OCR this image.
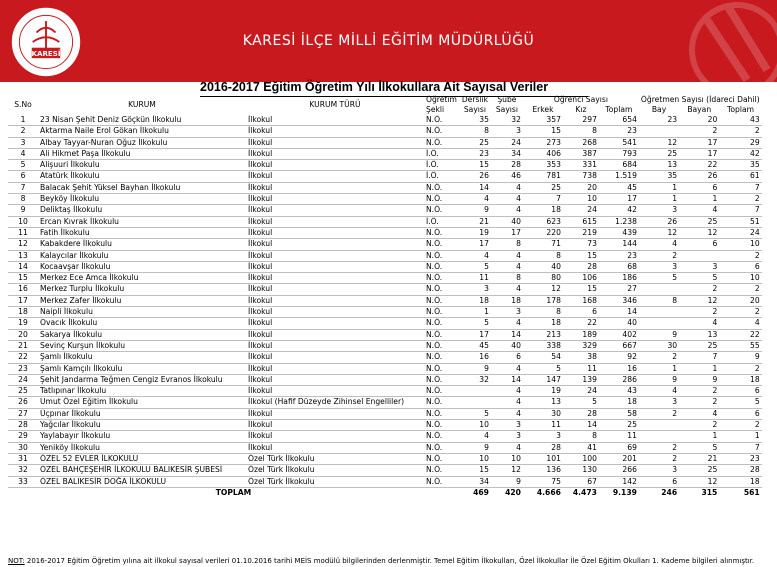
KARESİ
KARESİ İLÇE MİLLİ EĞİTİM MÜDÜRLÜĞÜ
2016-2017 Eğitim Öğretim Yılı İlkokullara Ait Sayısal Veriler
S.No	KURUM	KURUM TÜRÜ	Öğretim	Derslik	Şube	Öğrenci Sayısı			Öğretmen Sayısı (İdareci Dahil)		
			Şekli	Sayısı	Sayısı	Erkek	Kız	Toplam	Bay	Bayan	Toplam
1	23 Nisan Şehit Deniz Göçkün İlkokulu	İlkokul	N.Ö.	35	32	357	297	654	23	20	43
2	Aktarma Naile Erol Gökan İlkokulu	İlkokul	N.Ö.	8	3	15	8	23		2	2
3	Albay Tayyar-Nuran Oğuz İlkokulu	İlkokul	N.Ö.	25	24	273	268	541	12	17	29
4	Ali Hikmet Paşa İlkokulu	İlkokul	İ.Ö.	23	34	406	387	793	25	17	42
5	Alişuuri İlkokulu	İlkokul	İ.Ö.	15	28	353	331	684	13	22	35
6	Atatürk İlkokulu	İlkokul	İ.Ö.	26	46	781	738	1.519	35	26	61
7	Balacak Şehit Yüksel Bayhan İlkokulu	İlkokul	N.Ö.	14	4	25	20	45	1	6	7
8	Beyköy İlkokulu	İlkokul	N.Ö.	4	4	7	10	17	1	1	2
9	Deliktaş İlkokulu	İlkokul	N.Ö.	9	4	18	24	42	3	4	7
10	Ercan Kıvrak İlkokulu	İlkokul	İ.Ö.	21	40	623	615	1.238	26	25	51
11	Fatih İlkokulu	İlkokul	N.Ö.	19	17	220	219	439	12	12	24
12	Kabakdere İlkokulu	İlkokul	N.Ö.	17	8	71	73	144	4	6	10
13	Kalaycılar İlkokulu	İlkokul	N.Ö.	4	4	8	15	23	2		2
14	Kocaavşar İlkokulu	İlkokul	N.Ö.	5	4	40	28	68	3	3	6
15	Merkez Ece Amca İlkokulu	İlkokul	N.Ö.	11	8	80	106	186	5	5	10
16	Merkez Turplu İlkokulu	İlkokul	N.Ö.	3	4	12	15	27		2	2
17	Merkez Zafer İlkokulu	İlkokul	N.Ö.	18	18	178	168	346	8	12	20
18	Naipli İlkokulu	İlkokul	N.Ö.	1	3	8	6	14		2	2
19	Ovacık İlkokulu	İlkokul	N.Ö.	5	4	18	22	40		4	4
20	Sakarya İlkokulu	İlkokul	N.Ö.	17	14	213	189	402	9	13	22
21	Sevinç Kurşun İlkokulu	İlkokul	N.Ö.	45	40	338	329	667	30	25	55
22	Şamlı İlkokulu	İlkokul	N.Ö.	16	6	54	38	92	2	7	9
23	Şamlı Kamçılı İlkokulu	İlkokul	N.Ö.	9	4	5	11	16	1	1	2
24	Şehit Jandarma Teğmen Cengiz Evranos İlkokulu	İlkokul	N.Ö.	32	14	147	139	286	9	9	18
25	Tatlıpınar İlkokulu	İlkokul	N.Ö.		4	19	24	43	4	2	6
26	Umut Özel Eğitim İlkokulu	İlkokul (Hafif Düzeyde Zihinsel Engelliler)	N.Ö.		4	13	5	18	3	2	5
27	Üçpınar İlkokulu	İlkokul	N.Ö.	5	4	30	28	58	2	4	6
28	Yağcılar İlkokulu	İlkokul	N.Ö.	10	3	11	14	25		2	2
29	Yaylabayır İlkokulu	İlkokul	N.Ö.	4	3	3	8	11		1	1
30	Yeniköy İlkokulu	İlkokul	N.Ö.	9	4	28	41	69	2	5	7
31	ÖZEL 52 EVLER İLKOKULU	Özel Türk İlkokulu	N.Ö.	10	10	101	100	201	2	21	23
32	ÖZEL BAHÇEŞEHİR İLKOKULU BALIKESİR ŞUBESİ	Özel Türk İlkokulu	N.Ö.	15	12	136	130	266	3	25	28
33	ÖZEL BALIKESİR DOĞA İLKOKULU	Özel Türk İlkokulu	N.Ö.	34	9	75	67	142	6	12	18
TOPLAM				469	420	4.666	4.473	9.139	246	315	561
NOT: 2016-2017 Eğitim Öğretim yılına ait ilkokul sayısal verileri 01.10.2016 tarihi MEİS modülü bilgilerinden derlenmiştir. Temel Eğitim İlkokulları, Özel İlkokullar İle Özel Eğitim Okulları 1. Kademe bilgileri alınmıştır.
